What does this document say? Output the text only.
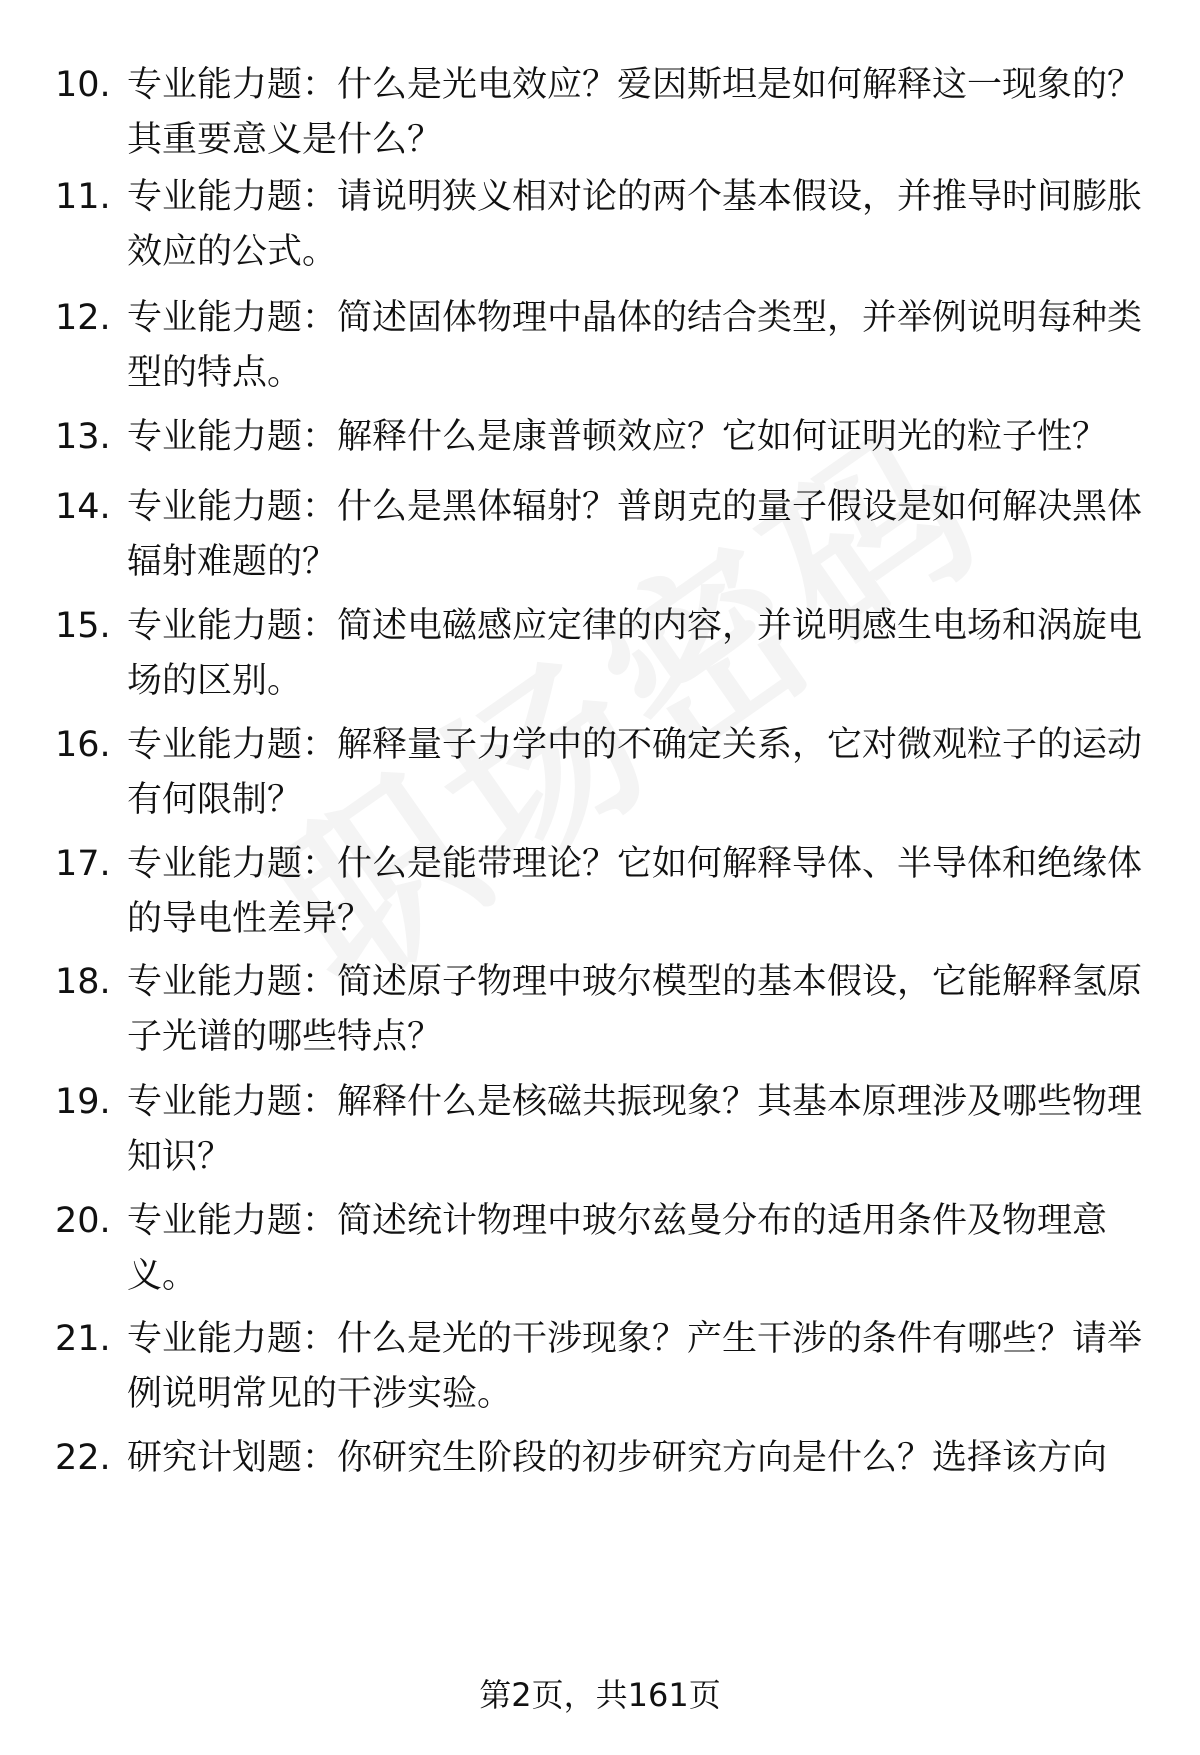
10. 专业能力题：什么是光电效应？爱因斯坦是如何解释这一现象的？其重要意义是什么？
11. 专业能力题：请说明狭义相对论的两个基本假设，并推导时间膨胀效应的公式。
12. 专业能力题：简述固体物理中晶体的结合类型，并举例说明每种类型的特点。
13. 专业能力题：解释什么是康普顿效应？它如何证明光的粒子性？
14. 专业能力题：什么是黑体辐射？普朗克的量子假设是如何解决黑体辐射难题的？
15. 专业能力题：简述电磁感应定律的内容，并说明感生电场和涡旋电场的区别。
16. 专业能力题：解释量子力学中的不确定关系，它对微观粒子的运动有何限制？
17. 专业能力题：什么是能带理论？它如何解释导体、半导体和绝缘体的导电性差异？
18. 专业能力题：简述原子物理中玻尔模型的基本假设，它能解释氢原子光谱的哪些特点？
19. 专业能力题：解释什么是核磁共振现象？其基本原理涉及哪些物理知识？
20. 专业能力题：简述统计物理中玻尔兹曼分布的适用条件及物理意义。
21. 专业能力题：什么是光的干涉现象？产生干涉的条件有哪些？请举例说明常见的干涉实验。
22. 研究计划题：你研究生阶段的初步研究方向是什么？选择该方向
第2页，共161页
